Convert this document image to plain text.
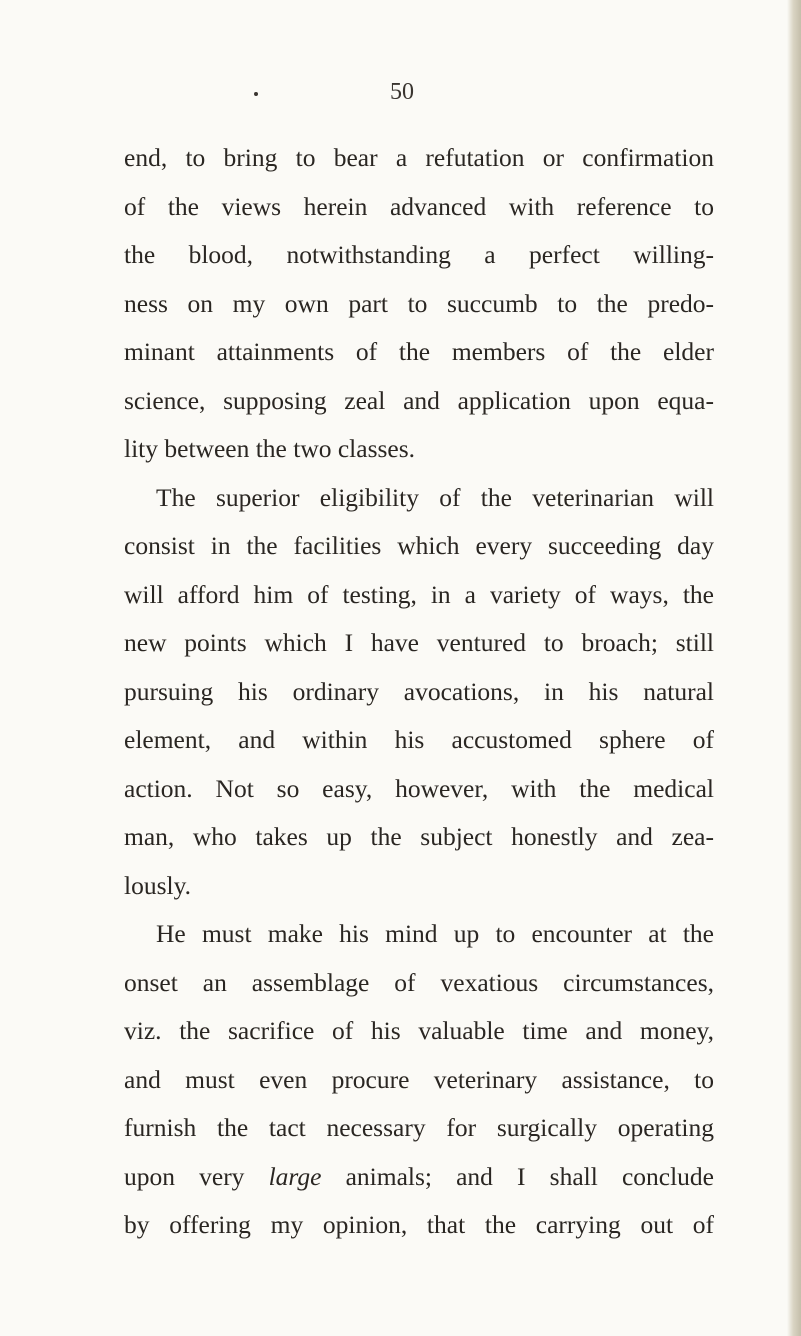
50
end, to bring to bear a refutation or confirmation
of the views herein advanced with reference to
the blood, notwithstanding a perfect willing-
ness on my own part to succumb to the predo-
minant attainments of the members of the elder
science, supposing zeal and application upon equa-
lity between the two classes.
The superior eligibility of the veterinarian will
consist in the facilities which every succeeding day
will afford him of testing, in a variety of ways, the
new points which I have ventured to broach; still
pursuing his ordinary avocations, in his natural
element, and within his accustomed sphere of
action. Not so easy, however, with the medical
man, who takes up the subject honestly and zea-
lously.
He must make his mind up to encounter at the
onset an assemblage of vexatious circumstances,
viz. the sacrifice of his valuable time and money,
and must even procure veterinary assistance, to
furnish the tact necessary for surgically operating
upon very large animals; and I shall conclude
by offering my opinion, that the carrying out of
